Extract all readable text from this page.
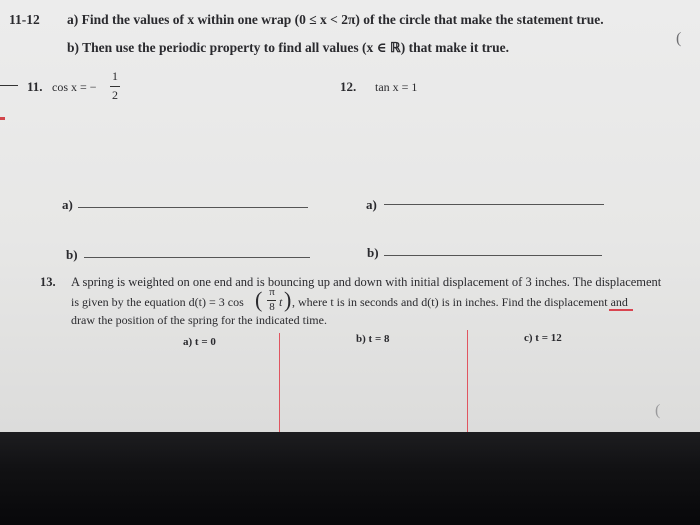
11-12 a) Find the values of x within one wrap (0 ≤ x < 2π) of the circle that make the statement true.
b) Then use the periodic property to find all values (x ∈ ℝ) that make it true.
11. cos x = −
1
2
12. tan x = 1
a)	a)
b)	b)
13. A spring is weighted on one end and is bouncing up and down with initial displacement of 3 inches. The displacement
is given by the equation d(t) = 3 cos ( π
8 t ) , where t is in seconds and d(t) is in inches. Find the displacement and
draw the position of the spring for the indicated time.
a) t = 0	b) t = 8	c) t = 12
(
(
